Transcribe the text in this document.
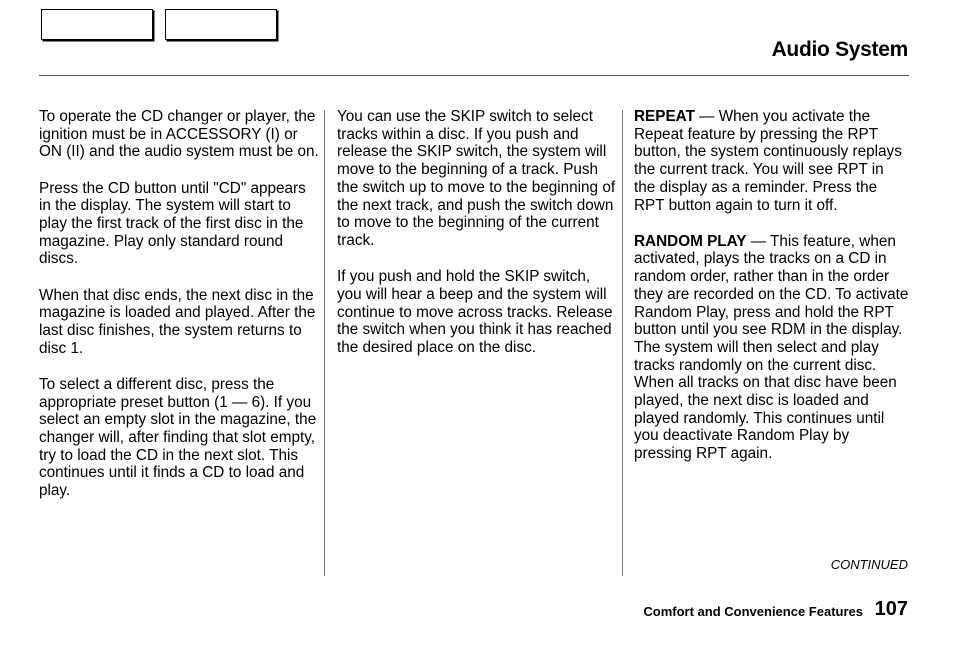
Audio System

To operate the CD changer or player, the ignition must be in ACCESSORY (I) or ON (II) and the audio system must be on.

Press the CD button until "CD" appears in the display. The system will start to play the first track of the first disc in the magazine. Play only standard round discs.

When that disc ends, the next disc in the magazine is loaded and played. After the last disc finishes, the system returns to disc 1.

To select a different disc, press the appropriate preset button (1 — 6). If you select an empty slot in the magazine, the changer will, after finding that slot empty, try to load the CD in the next slot. This continues until it finds a CD to load and play.

You can use the SKIP switch to select tracks within a disc. If you push and release the SKIP switch, the system will move to the beginning of a track. Push the switch up to move to the beginning of the next track, and push the switch down to move to the beginning of the current track.

If you push and hold the SKIP switch, you will hear a beep and the system will continue to move across tracks. Release the switch when you think it has reached the desired place on the disc.

REPEAT — When you activate the Repeat feature by pressing the RPT button, the system continuously replays the current track. You will see RPT in the display as a reminder. Press the RPT button again to turn it off.

RANDOM PLAY — This feature, when activated, plays the tracks on a CD in random order, rather than in the order they are recorded on the CD. To activate Random Play, press and hold the RPT button until you see RDM in the display. The system will then select and play tracks randomly on the current disc. When all tracks on that disc have been played, the next disc is loaded and played randomly. This continues until you deactivate Random Play by pressing RPT again.

CONTINUED
Comfort and Convenience Features 107
